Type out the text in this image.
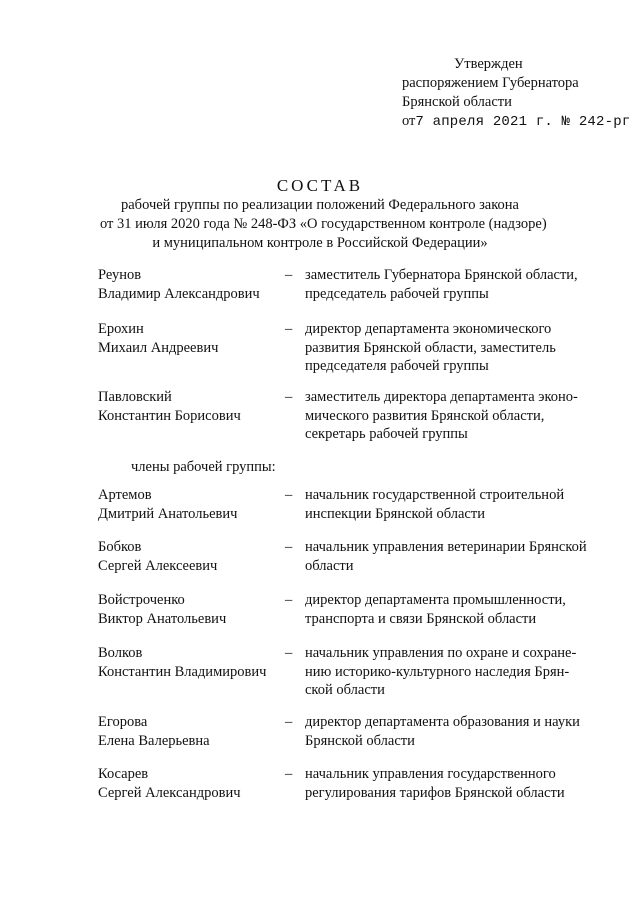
Утвержден
распоряжением Губернатора
Брянской области
от7 апреля 2021 г. № 242-рг
СОСТАВ
рабочей группы по реализации положений Федерального закона
от 31 июля 2020 года № 248-ФЗ «О государственном контроле (надзоре)
и муниципальном контроле в Российской Федерации»
Реунов
Владимир Александрович
– заместитель Губернатора Брянской области,
председатель рабочей группы
Ерохин
Михаил Андреевич
– директор департамента экономического
развития Брянской области, заместитель
председателя рабочей группы
Павловский
Константин Борисович
– заместитель директора департамента эконо-
мического развития Брянской области,
секретарь рабочей группы
члены рабочей группы:
Артемов
Дмитрий Анатольевич
– начальник государственной строительной
инспекции Брянской области
Бобков
Сергей Алексеевич
– начальник управления ветеринарии Брянской
области
Войстроченко
Виктор Анатольевич
– директор департамента промышленности,
транспорта и связи Брянской области
Волков
Константин Владимирович
– начальник управления по охране и сохране-
нию историко-культурного наследия Брян-
ской области
Егорова
Елена Валерьевна
– директор департамента образования и науки
Брянской области
Косарев
Сергей Александрович
– начальник управления государственного
регулирования тарифов Брянской области
